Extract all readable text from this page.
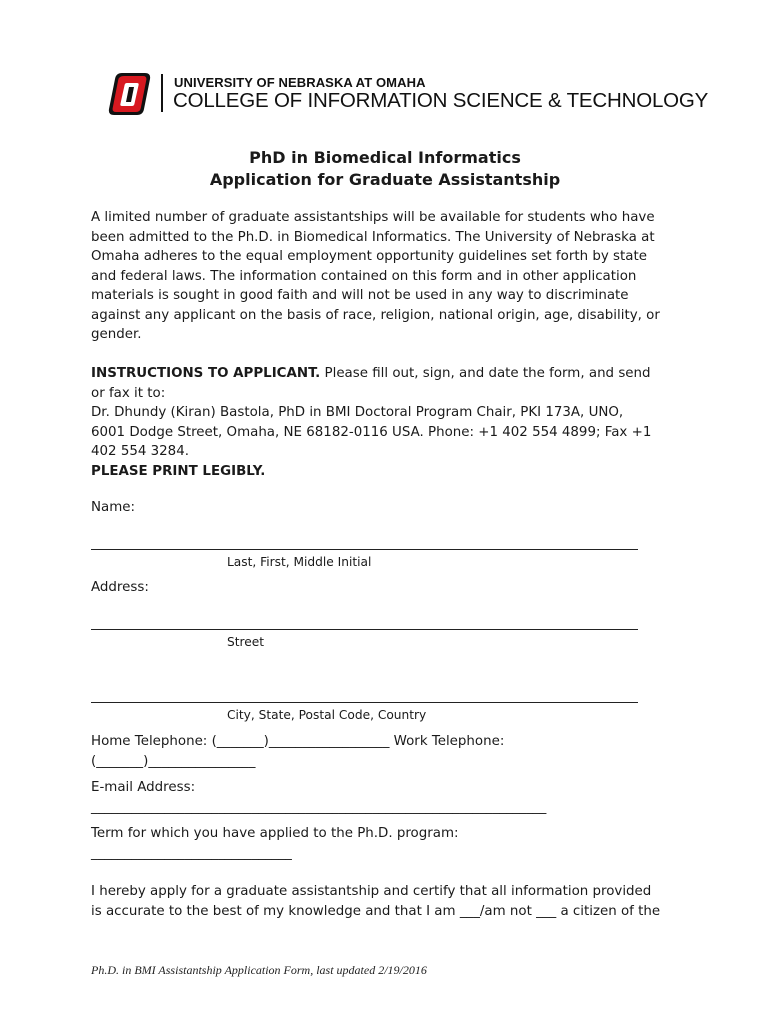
UNIVERSITY OF NEBRASKA AT OMAHA
COLLEGE OF INFORMATION SCIENCE & TECHNOLOGY
PhD in Biomedical Informatics
Application for Graduate Assistantship
A limited number of graduate assistantships will be available for students who have
been admitted to the Ph.D. in Biomedical Informatics. The University of Nebraska at
Omaha adheres to the equal employment opportunity guidelines set forth by state
and federal laws. The information contained on this form and in other application
materials is sought in good faith and will not be used in any way to discriminate
against any applicant on the basis of race, religion, national origin, age, disability, or
gender.
INSTRUCTIONS TO APPLICANT. Please fill out, sign, and date the form, and send
or fax it to:
Dr. Dhundy (Kiran) Bastola, PhD in BMI Doctoral Program Chair, PKI 173A, UNO,
6001 Dodge Street, Omaha, NE 68182-0116 USA. Phone: +1 402 554 4899; Fax +1
402 554 3284.
PLEASE PRINT LEGIBLY.
Name:
Last, First, Middle Initial
Address:
Street
City, State, Postal Code, Country
Home Telephone: (_______)__________________ Work Telephone:
(_______)________________
E-mail Address:
____________________________________________________________________
Term for which you have applied to the Ph.D. program:
______________________________
I hereby apply for a graduate assistantship and certify that all information provided
is accurate to the best of my knowledge and that I am ___/am not ___ a citizen of the
Ph.D. in BMI Assistantship Application Form, last updated 2/19/2016
